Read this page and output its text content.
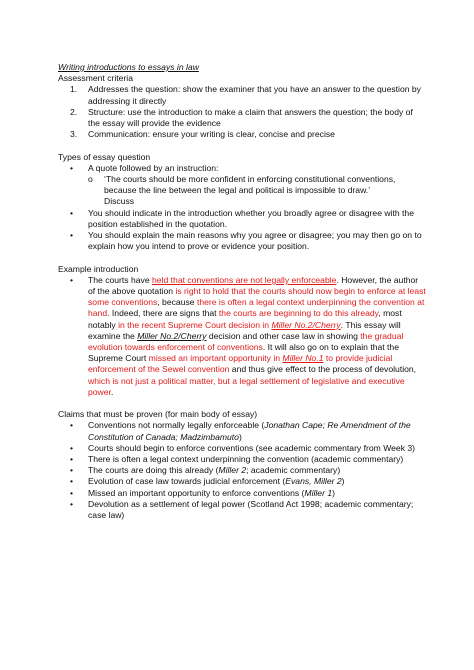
Writing introductions to essays in law
Assessment criteria
1. Addresses the question: show the examiner that you have an answer to the question by addressing it directly
2. Structure: use the introduction to make a claim that answers the question; the body of the essay will provide the evidence
3. Communication: ensure your writing is clear, concise and precise
Types of essay question
• A quote followed by an instruction:
o ‘The courts should be more confident in enforcing constitutional conventions, because the line between the legal and political is impossible to draw.’
Discuss
• You should indicate in the introduction whether you broadly agree or disagree with the position established in the quotation.
• You should explain the main reasons why you agree or disagree; you may then go on to explain how you intend to prove or evidence your position.
Example introduction
• The courts have held that conventions are not legally enforceable. However, the author of the above quotation is right to hold that the courts should now begin to enforce at least some conventions, because there is often a legal context underpinning the convention at hand. Indeed, there are signs that the courts are beginning to do this already, most notably in the recent Supreme Court decision in Miller No.2/Cherry. This essay will examine the Miller No.2/Cherry decision and other case law in showing the gradual evolution towards enforcement of conventions. It will also go on to explain that the Supreme Court missed an important opportunity in Miller No.1 to provide judicial enforcement of the Sewel convention and thus give effect to the process of devolution, which is not just a political matter, but a legal settlement of legislative and executive power.
Claims that must be proven (for main body of essay)
• Conventions not normally legally enforceable (Jonathan Cape; Re Amendment of the Constitution of Canada; Madzimbamuto)
• Courts should begin to enforce conventions (see academic commentary from Week 3)
• There is often a legal context underpinning the convention (academic commentary)
• The courts are doing this already (Miller 2; academic commentary)
• Evolution of case law towards judicial enforcement (Evans, Miller 2)
• Missed an important opportunity to enforce conventions (Miller 1)
• Devolution as a settlement of legal power (Scotland Act 1998; academic commentary; case law)
